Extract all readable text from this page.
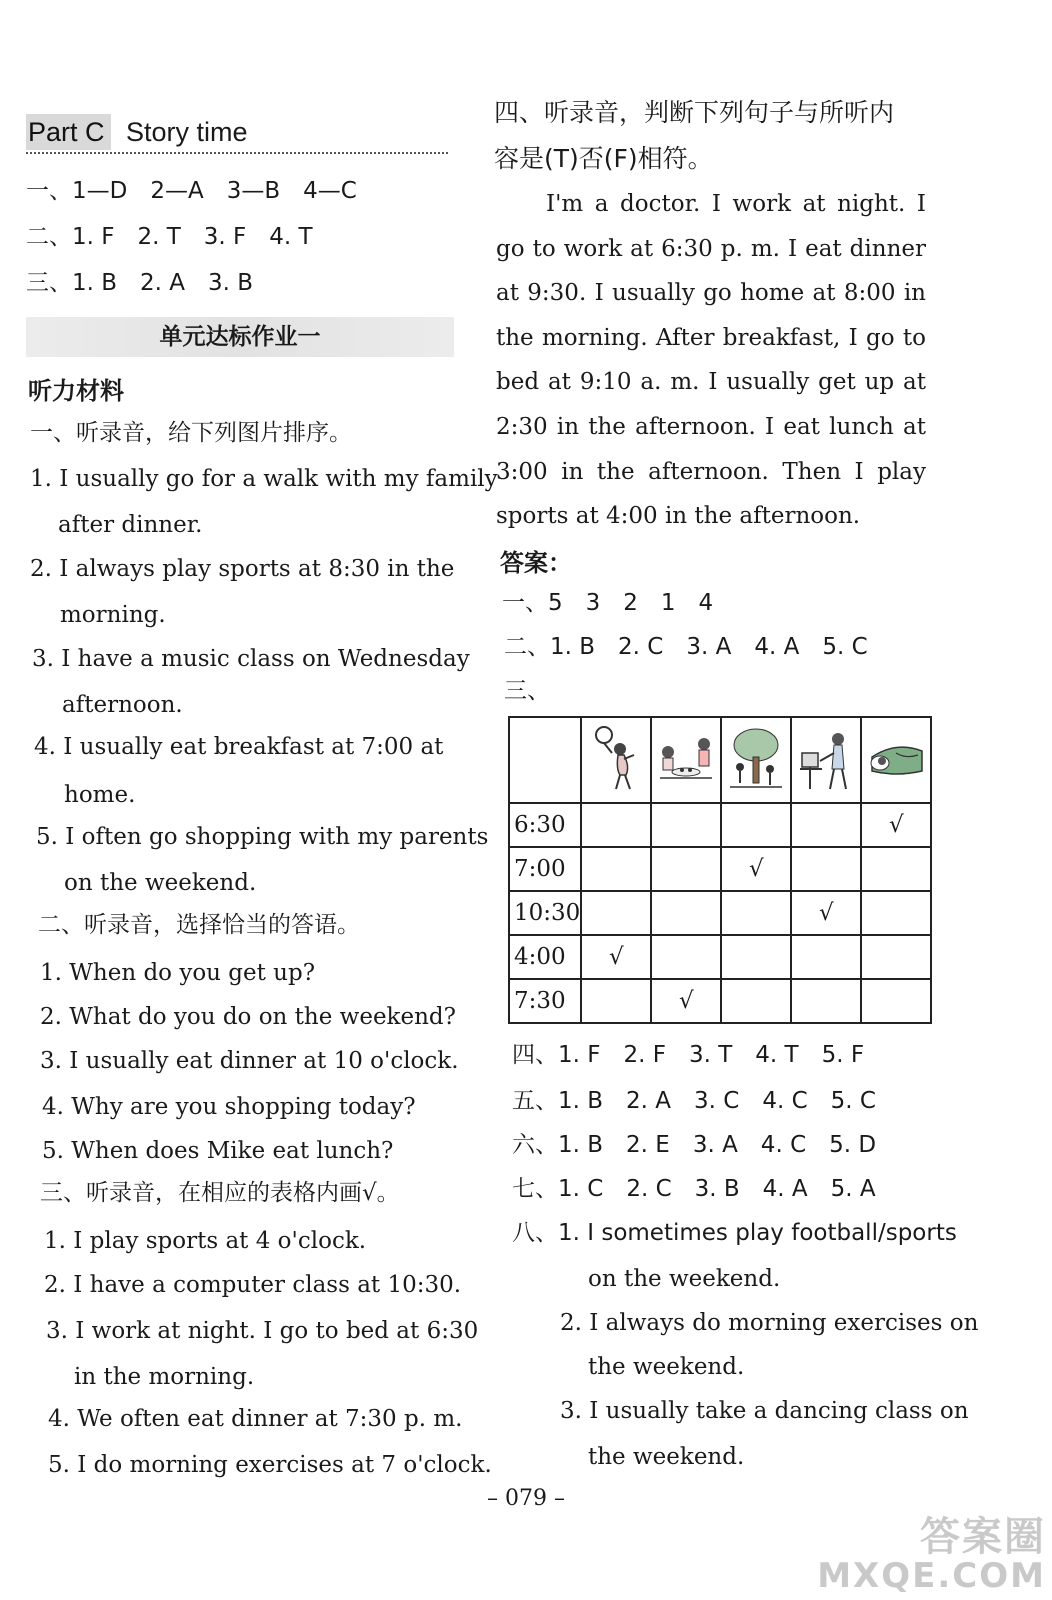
Part C Story time
一、1—D　2—A　3—B　4—C
二、1. F　2. T　3. F　4. T
三、1. B　2. A　3. B
单元达标作业一
听力材料
一、听录音，给下列图片排序。
1. I usually go for a walk with my family
after dinner.
2. I always play sports at 8:30 in the
morning.
3. I have a music class on Wednesday
afternoon.
4. I usually eat breakfast at 7:00 at
home.
5. I often go shopping with my parents
on the weekend.
二、听录音，选择恰当的答语。
1. When do you get up?
2. What do you do on the weekend?
3. I usually eat dinner at 10 o'clock.
4. Why are you shopping today?
5. When does Mike eat lunch?
三、听录音，在相应的表格内画√。
1. I play sports at 4 o'clock.
2. I have a computer class at 10:30.
3. I work at night. I go to bed at 6:30
in the morning.
4. We often eat dinner at 7:30 p. m.
5. I do morning exercises at 7 o'clock.
四、听录音，判断下列句子与所听内
容是(T)否(F)相符。
I'm a doctor. I work at night. I go to work at 6:30 p. m. I eat dinner at 9:30. I usually go home at 8:00 in the morning. After breakfast, I go to bed at 9:10 a. m. I usually get up at 2:30 in the afternoon. I eat lunch at 3:00 in the afternoon. Then I play sports at 4:00 in the afternoon.
答案：
一、5　3　2　1　4
二、1. B　2. C　3. A　4. A　5. C
三、

6:30					√
7:00			√		
10:30				√	
4:00	√				
7:30		√			
四、1. F　2. F　3. T　4. T　5. F
五、1. B　2. A　3. C　4. C　5. C
六、1. B　2. E　3. A　4. C　5. D
七、1. C　2. C　3. B　4. A　5. A
八、1. I sometimes play football/sports
on the weekend.
2. I always do morning exercises on
the weekend.
3. I usually take a dancing class on
the weekend.
– 079 –
答案圈
MXQE.COM
